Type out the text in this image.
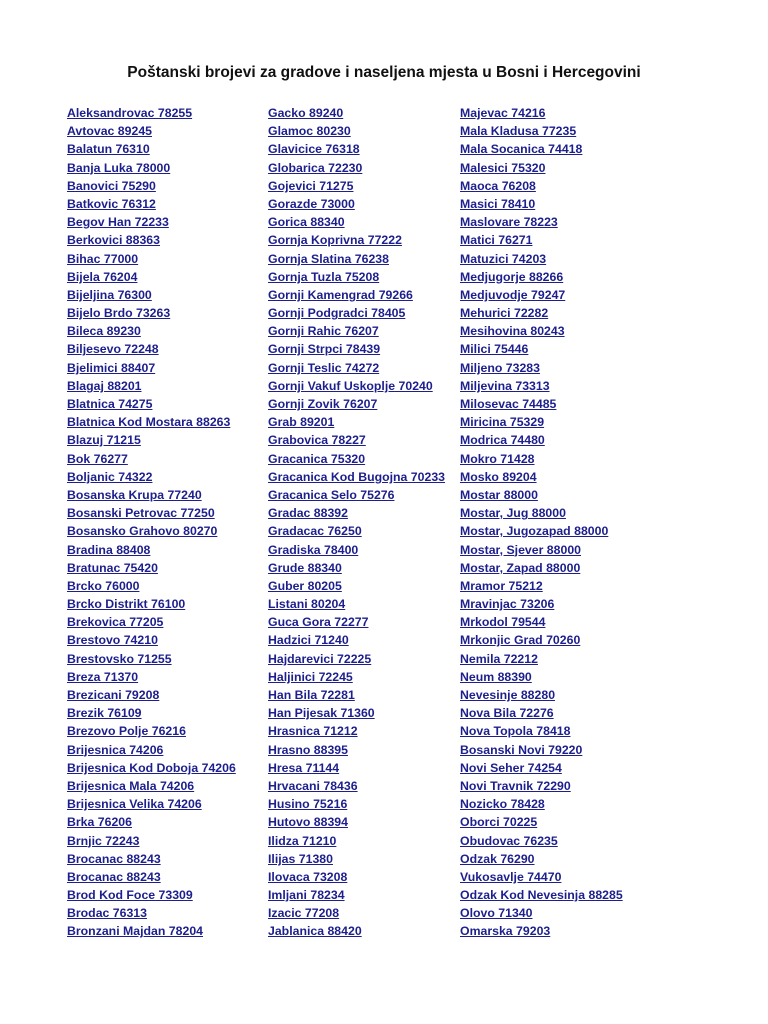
Poštanski brojevi za gradove i naseljena mjesta u Bosni i Hercegovini
Aleksandrovac 78255
Avtovac 89245
Balatun 76310
Banja Luka 78000
Banovici 75290
Batkovic 76312
Begov Han 72233
Berkovici 88363
Bihac 77000
Bijela 76204
Bijeljina 76300
Bijelo Brdo 73263
Bileca 89230
Biljesevo 72248
Bjelimici 88407
Blagaj 88201
Blatnica 74275
Blatnica Kod Mostara 88263
Blazuj 71215
Bok 76277
Boljanic 74322
Bosanska Krupa 77240
Bosanski Petrovac 77250
Bosansko Grahovo 80270
Bradina 88408
Bratunac 75420
Brcko 76000
Brcko Distrikt 76100
Brekovica 77205
Brestovo 74210
Brestovsko 71255
Breza 71370
Brezicani 79208
Brezik 76109
Brezovo Polje 76216
Brijesnica 74206
Brijesnica Kod Doboja 74206
Brijesnica Mala 74206
Brijesnica Velika 74206
Brka 76206
Brnjic 72243
Brocanac 88243
Brocanac 88243
Brod Kod Foce 73309
Brodac 76313
Bronzani Majdan 78204
Gacko 89240
Glamoc 80230
Glavicice 76318
Globarica 72230
Gojevici 71275
Gorazde 73000
Gorica 88340
Gornja Koprivna 77222
Gornja Slatina 76238
Gornja Tuzla 75208
Gornji Kamengrad 79266
Gornji Podgradci 78405
Gornji Rahic 76207
Gornji Strpci 78439
Gornji Teslic 74272
Gornji Vakuf Uskoplje 70240
Gornji Zovik 76207
Grab 89201
Grabovica 78227
Gracanica 75320
Gracanica Kod Bugojna 70233
Gracanica Selo 75276
Gradac 88392
Gradacac 76250
Gradiska 78400
Grude 88340
Guber 80205
Listani 80204
Guca Gora 72277
Hadzici 71240
Hajdarevici 72225
Haljinici 72245
Han Bila 72281
Han Pijesak 71360
Hrasnica 71212
Hrasno 88395
Hresa 71144
Hrvacani 78436
Husino 75216
Hutovo 88394
Ilidza 71210
Ilijas 71380
Ilovaca 73208
Imljani 78234
Izacic 77208
Jablanica 88420
Majevac 74216
Mala Kladusa 77235
Mala Socanica 74418
Malesici 75320
Maoca 76208
Masici 78410
Maslovare 78223
Matici 76271
Matuzici 74203
Medjugorje 88266
Medjuvodje 79247
Mehurici 72282
Mesihovina 80243
Milici 75446
Miljeno 73283
Miljevina 73313
Milosevac 74485
Miricina 75329
Modrica 74480
Mokro 71428
Mosko 89204
Mostar 88000
Mostar, Jug 88000
Mostar, Jugozapad 88000
Mostar, Sjever 88000
Mostar, Zapad 88000
Mramor 75212
Mravinjac 73206
Mrkodol 79544
Mrkonjic Grad 70260
Nemila 72212
Neum 88390
Nevesinje 88280
Nova Bila 72276
Nova Topola 78418
Bosanski Novi 79220
Novi Seher 74254
Novi Travnik 72290
Nozicko 78428
Oborci 70225
Obudovac 76235
Odzak 76290
Vukosavlje 74470
Odzak Kod Nevesinja 88285
Olovo 71340
Omarska 79203
